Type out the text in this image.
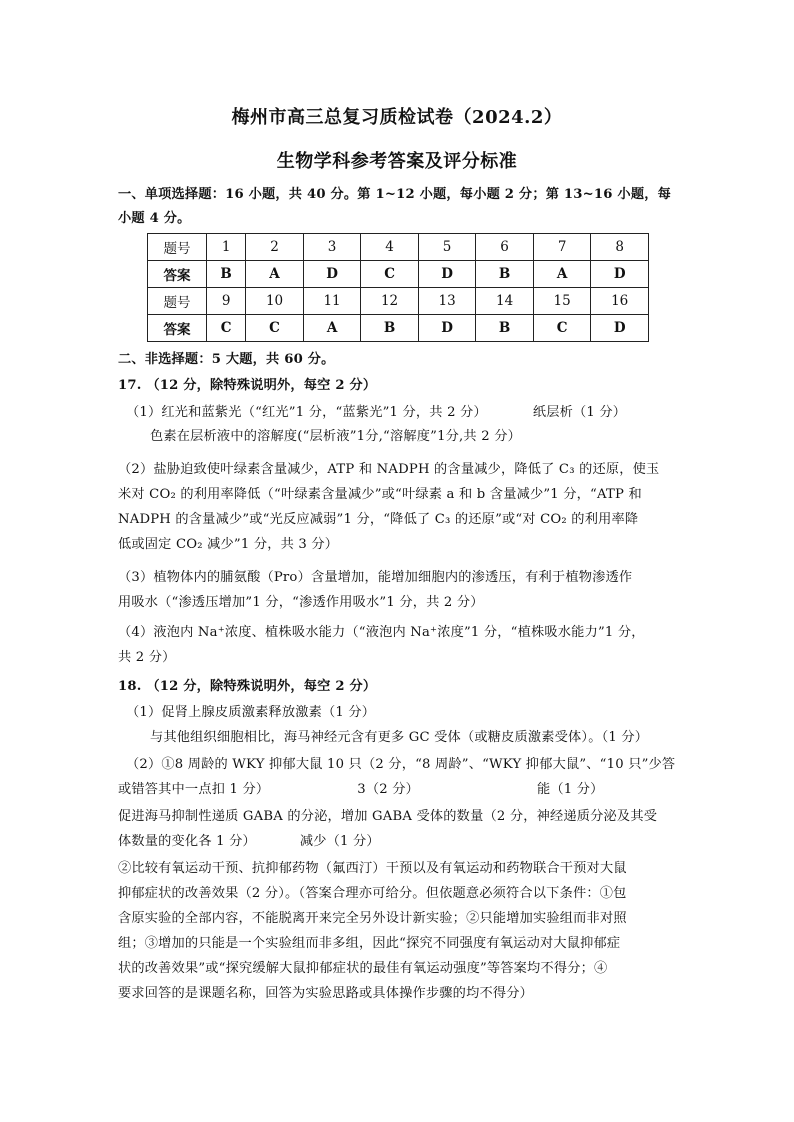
梅州市高三总复习质检试卷（2024.2）
生物学科参考答案及评分标准
一、单项选择题：16 小题，共 40 分。第 1~12 小题，每小题 2 分；第 13~16 小题，每
小题 4 分。
题号	1	2	3	4	5	6	7	8
答案	B	A	D	C	D	B	A	D
题号	9	10	11	12	13	14	15	16
答案	C	C	A	B	D	B	C	D
二、非选择题：5 大题，共 60 分。
17. （12 分，除特殊说明外，每空 2 分）
（1）红光和蓝紫光（“红光”1 分，“蓝紫光”1 分，共 2 分）	纸层析（1 分）
色素在层析液中的溶解度(“层析液”1分,“溶解度”1分,共 2 分）
（2）盐胁迫致使叶绿素含量减少，ATP 和 NADPH 的含量减少，降低了 C₃ 的还原，使玉
米对 CO₂ 的利用率降低（“叶绿素含量减少”或“叶绿素 a 和 b 含量减少”1 分，“ATP 和
NADPH 的含量减少”或“光反应减弱”1 分，“降低了 C₃ 的还原”或“对 CO₂ 的利用率降
低或固定 CO₂ 减少”1 分，共 3 分）
（3）植物体内的脯氨酸（Pro）含量增加，能增加细胞内的渗透压，有利于植物渗透作
用吸水（“渗透压增加”1 分，“渗透作用吸水”1 分，共 2 分）
（4）液泡内 Na⁺浓度、植株吸水能力（“液泡内 Na⁺浓度”1 分，“植株吸水能力”1 分，
共 2 分）
18. （12 分，除特殊说明外，每空 2 分）
（1）促肾上腺皮质激素释放激素（1 分）
与其他组织细胞相比，海马神经元含有更多 GC 受体（或糖皮质激素受体）。（1 分）
（2）①8 周龄的 WKY 抑郁大鼠 10 只（2 分，“8 周龄”、“WKY 抑郁大鼠”、“10 只”少答
或错答其中一点扣 1 分）	3（2 分）	能（1 分）
促进海马抑制性递质 GABA 的分泌，增加 GABA 受体的数量（2 分，神经递质分泌及其受
体数量的变化各 1 分）	减少（1 分）
②比较有氧运动干预、抗抑郁药物（氟西汀）干预以及有氧运动和药物联合干预对大鼠
抑郁症状的改善效果（2 分）。（答案合理亦可给分。但依题意必须符合以下条件：①包
含原实验的全部内容，不能脱离开来完全另外设计新实验；②只能增加实验组而非对照
组；③增加的只能是一个实验组而非多组，因此“探究不同强度有氧运动对大鼠抑郁症
状的改善效果”或“探究缓解大鼠抑郁症状的最佳有氧运动强度”等答案均不得分；④
要求回答的是课题名称，回答为实验思路或具体操作步骤的均不得分）
